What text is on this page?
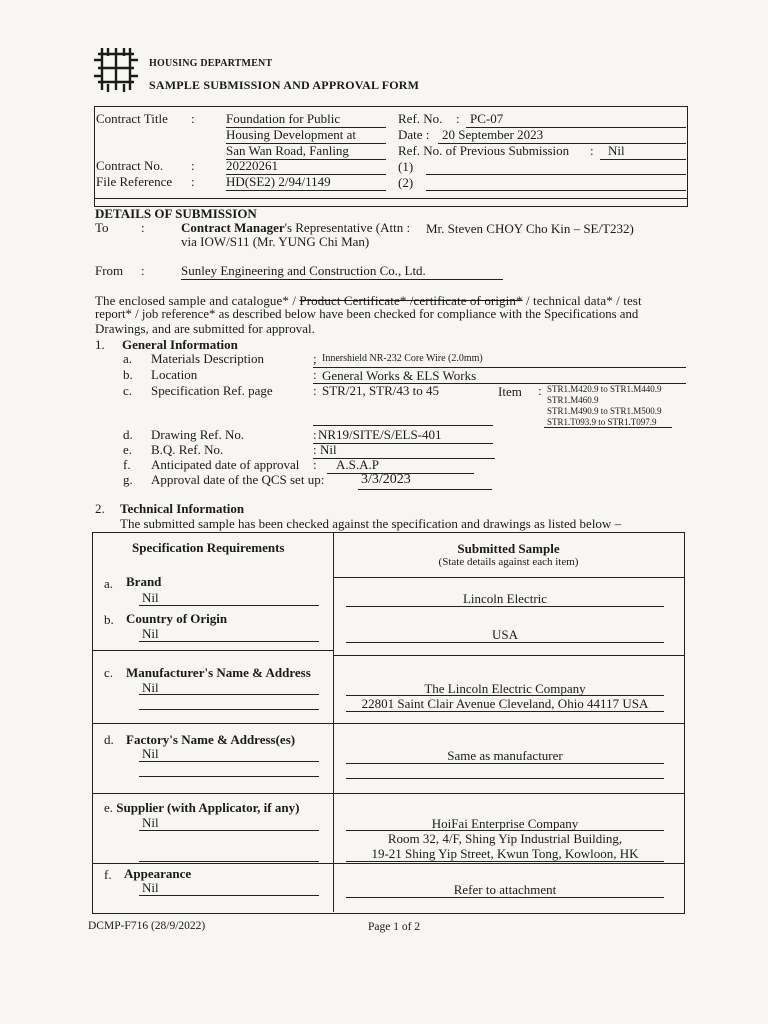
HOUSING DEPARTMENT
SAMPLE SUBMISSION AND APPROVAL FORM
Contract Title : Foundation for Public
Housing Development at
San Wan Road, Fanling
Contract No. : 20220261
File Reference : HD(SE2) 2/94/1149
Ref. No. : PC-07
Date : 20 September 2023
Ref. No. of Previous Submission : Nil
(1)
(2)
DETAILS OF SUBMISSION
To :	Contract Manager's Representative (Attn : Mr. Steven CHOY Cho Kin – SE/T232)
via IOW/S11 (Mr. YUNG Chi Man)
From :	Sunley Engineering and Construction Co., Ltd.
The enclosed sample and catalogue* / Product Certificate* /certificate of origin* / technical data* / test
report* / job reference* as described below have been checked for compliance with the Specifications and
Drawings, and are submitted for approval.
1. General Information
a. Materials Description	; Innershield NR-232 Core Wire (2.0mm)
b. Location	: General Works & ELS Works
c. Specification Ref. page	: STR/21, STR/43 to 45	Item : STR1.M420.9 to STR1.M440.9
STR1.M460.9
STR1.M490.9 to STR1.M500.9
STR1.T093.9 to STR1.T097.9
d. Drawing Ref. No.	: NR19/SITE/S/ELS-401
e. B.Q. Ref. No.	: Nil
f. Anticipated date of approval : A.S.A.P
g. Approval date of the QCS set up:	3/3/2023
2. Technical Information
The submitted sample has been checked against the specification and drawings as listed below –
Specification Requirements	Submitted Sample
(State details against each item)
a. Brand
Nil	Lincoln Electric
b. Country of Origin
Nil	USA
c. Manufacturer's Name & Address
Nil	The Lincoln Electric Company
22801 Saint Clair Avenue Cleveland, Ohio 44117 USA
d. Factory's Name & Address(es)
Nil	Same as manufacturer
e. Supplier (with Applicator, if any)
Nil	HoiFai Enterprise Company
Room 32, 4/F, Shing Yip Industrial Building,
19-21 Shing Yip Street, Kwun Tong, Kowloon, HK
f. Appearance
Nil	Refer to attachment
DCMP-F716 (28/9/2022)	Page 1 of 2
